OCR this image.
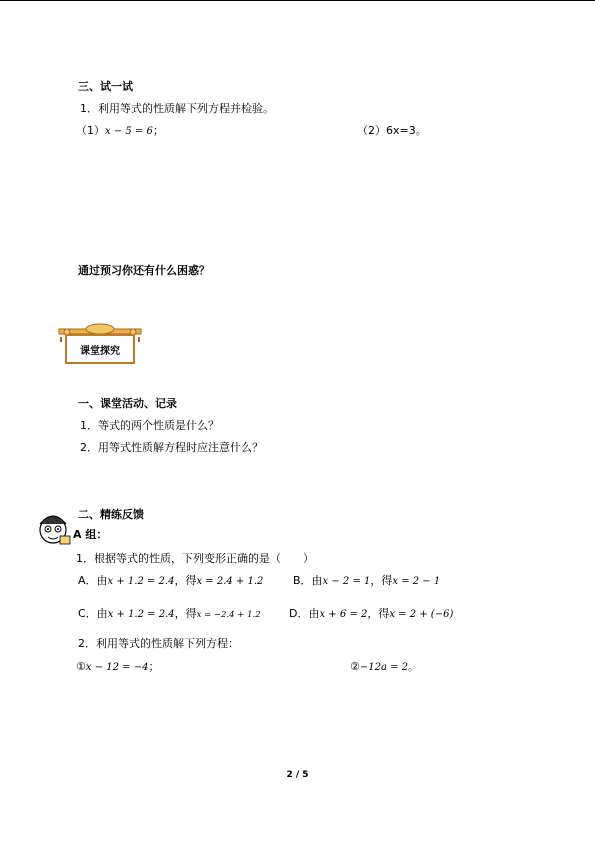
三、试一试
1．利用等式的性质解下列方程并检验。
（1）x − 5 = 6；	（2）6x=3。
通过预习你还有什么困惑？
课堂探究
一、课堂活动、记录
1．等式的两个性质是什么？
2．用等式性质解方程时应注意什么？
二、精练反馈
A 组：
1．根据等式的性质，下列变形正确的是（　　）
A．由x + 1.2 = 2.4，得x = 2.4 + 1.2	B．由x − 2 = 1，得x = 2 − 1
C．由x + 1.2 = 2.4，得x = −2.4 + 1.2	D．由x + 6 = 2，得x = 2 + (−6)
2．利用等式的性质解下列方程：
①x − 12 = −4；	②−12a = 2。
2 / 5
